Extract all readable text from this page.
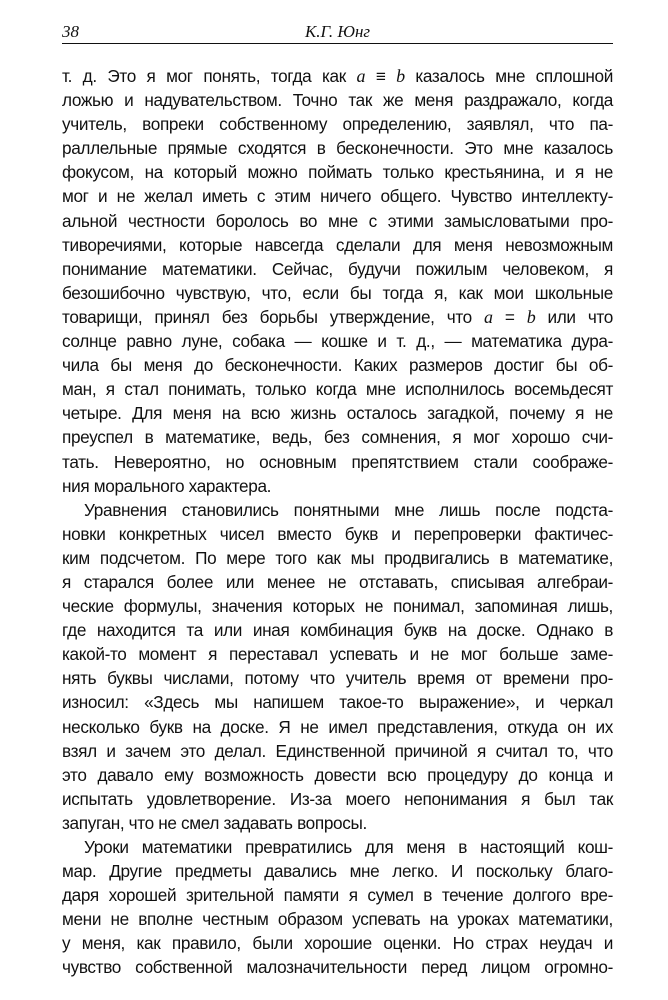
38	К.Г. Юнг
т. д. Это я мог понять, тогда как a ≡ b казалось мне сплошной
ложью и надувательством. Точно так же меня раздражало, когда
учитель, вопреки собственному определению, заявлял, что па-
раллельные прямые сходятся в бесконечности. Это мне казалось
фокусом, на который можно поймать только крестьянина, и я не
мог и не желал иметь с этим ничего общего. Чувство интеллекту-
альной честности боролось во мне с этими замысловатыми про-
тиворечиями, которые навсегда сделали для меня невозможным
понимание математики. Сейчас, будучи пожилым человеком, я
безошибочно чувствую, что, если бы тогда я, как мои школьные
товарищи, принял без борьбы утверждение, что a = b или что
солнце равно луне, собака — кошке и т. д., — математика дура-
чила бы меня до бесконечности. Каких размеров достиг бы об-
ман, я стал понимать, только когда мне исполнилось восемьдесят
четыре. Для меня на всю жизнь осталось загадкой, почему я не
преуспел в математике, ведь, без сомнения, я мог хорошо счи-
тать. Невероятно, но основным препятствием стали соображе-
ния морального характера.
Уравнения становились понятными мне лишь после подста-
новки конкретных чисел вместо букв и перепроверки фактичес-
ким подсчетом. По мере того как мы продвигались в математике,
я старался более или менее не отставать, списывая алгебраи-
ческие формулы, значения которых не понимал, запоминая лишь,
где находится та или иная комбинация букв на доске. Однако в
какой-то момент я переставал успевать и не мог больше заме-
нять буквы числами, потому что учитель время от времени про-
износил: «Здесь мы напишем такое-то выражение», и черкал
несколько букв на доске. Я не имел представления, откуда он их
взял и зачем это делал. Единственной причиной я считал то, что
это давало ему возможность довести всю процедуру до конца и
испытать удовлетворение. Из-за моего непонимания я был так
запуган, что не смел задавать вопросы.
Уроки математики превратились для меня в настоящий кош-
мар. Другие предметы давались мне легко. И поскольку благо-
даря хорошей зрительной памяти я сумел в течение долгого вре-
мени не вполне честным образом успевать на уроках математики,
у меня, как правило, были хорошие оценки. Но страх неудач и
чувство собственной малозначительности перед лицом огромно-
